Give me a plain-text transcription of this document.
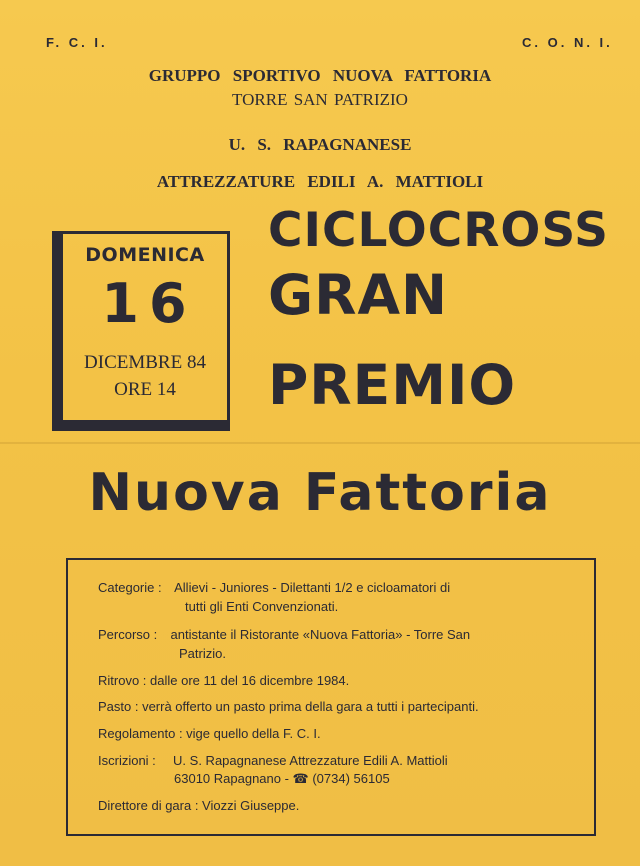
F. C. I.	C. O. N. I.
GRUPPO SPORTIVO NUOVA FATTORIA
TORRE SAN PATRIZIO
U. S. RAPAGNANESE
ATTREZZATURE EDILI A. MATTIOLI
DOMENICA
16
DICEMBRE 84
ORE 14
CICLOCROSS
GRAN
PREMIO
Nuova Fattoria
Categorie : Allievi - Juniores - Dilettanti 1/2 e cicloamatori di
tutti gli Enti Convenzionati.
Percorso : antistante il Ristorante «Nuova Fattoria» - Torre San
Patrizio.
Ritrovo : dalle ore 11 del 16 dicembre 1984.
Pasto : verrà offerto un pasto prima della gara a tutti i partecipanti.
Regolamento : vige quello della F. C. I.
Iscrizioni : U. S. Rapagnanese Attrezzature Edili A. Mattioli
63010 Rapagnano - ☎ (0734) 56105
Direttore di gara : Viozzi Giuseppe.
